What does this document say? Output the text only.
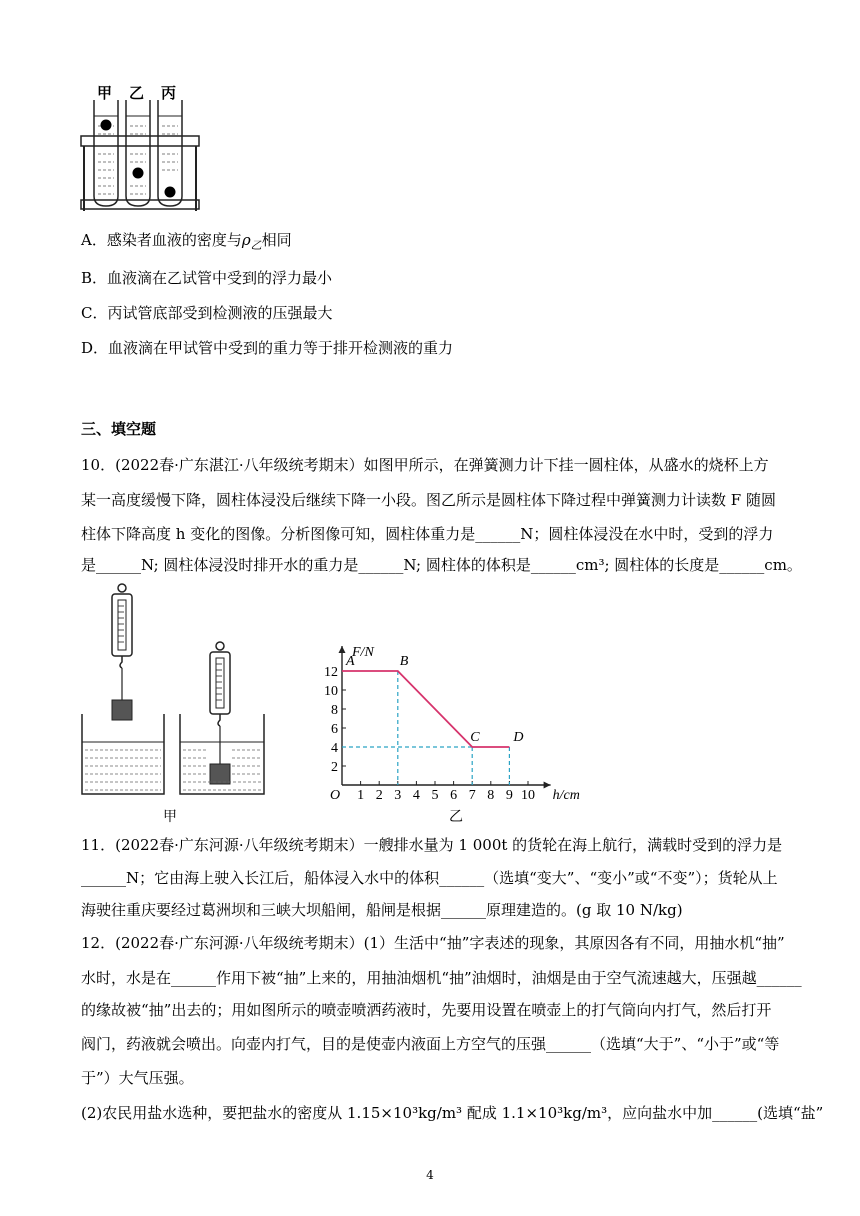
甲 乙 丙
A．感染者血液的密度与$\rho_乙$相同
B．血液滴在乙试管中受到的浮力最小
C．丙试管底部受到检测液的压强最大
D．血液滴在甲试管中受到的重力等于排开检测液的重力
三、填空题
10．(2022春·广东湛江·八年级统考期末）如图甲所示，在弹簧测力计下挂一圆柱体，从盛水的烧杯上方
某一高度缓慢下降，圆柱体浸没后继续下降一小段。图乙所示是圆柱体下降过程中弹簧测力计读数 F 随圆
柱体下降高度 h 变化的图像。分析图像可知，圆柱体重力是______N；圆柱体浸没在水中时，受到的浮力
是______N; 圆柱体浸没时排开水的重力是______N; 圆柱体的体积是______cm³; 圆柱体的长度是______cm。
甲
F/N
h/cm
O 1 2 3 4 5 6 7 8 9 10
2
4
6
8
10
12
A	B
C D
乙
11．(2022春·广东河源·八年级统考期末）一艘排水量为 1 000t 的货轮在海上航行，满载时受到的浮力是
______N；它由海上驶入长江后，船体浸入水中的体积______（选填“变大”、“变小”或“不变”）；货轮从上
海驶往重庆要经过葛洲坝和三峡大坝船闸，船闸是根据______原理建造的。(g 取 10 N/kg)
12．(2022春·广东河源·八年级统考期末）(1）生活中“抽”字表述的现象，其原因各有不同，用抽水机“抽”
水时，水是在______作用下被“抽”上来的，用抽油烟机“抽”油烟时，油烟是由于空气流速越大，压强越______
的缘故被“抽”出去的；用如图所示的喷壶喷洒药液时，先要用设置在喷壶上的打气筒向内打气，然后打开
阀门，药液就会喷出。向壶内打气，目的是使壶内液面上方空气的压强______（选填“大于”、“小于”或“等
于”）大气压强。
(2)农民用盐水选种，要把盐水的密度从 1.15×10³kg/m³ 配成 1.1×10³kg/m³，应向盐水中加______(选填“盐”
4
